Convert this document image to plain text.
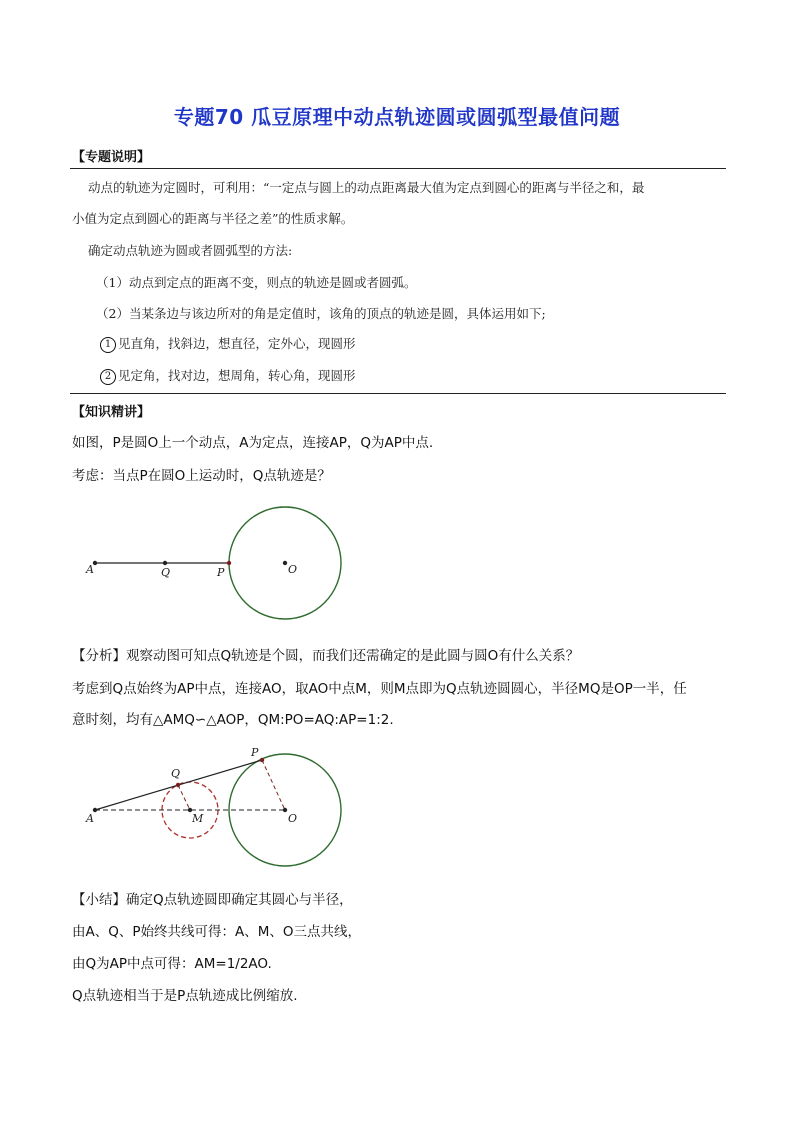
专题70 瓜豆原理中动点轨迹圆或圆弧型最值问题
【专题说明】
动点的轨迹为定圆时，可利用：“一定点与圆上的动点距离最大值为定点到圆心的距离与半径之和，最
小值为定点到圆心的距离与半径之差”的性质求解。
确定动点轨迹为圆或者圆弧型的方法:
（1）动点到定点的距离不变，则点的轨迹是圆或者圆弧。
（2）当某条边与该边所对的角是定值时，该角的顶点的轨迹是圆，具体运用如下;
1 见直角，找斜边，想直径，定外心，现圆形
2 见定角，找对边，想周角，转心角，现圆形
【知识精讲】
如图，P是圆O上一个动点，A为定点，连接AP，Q为AP中点.
考虑：当点P在圆O上运动时，Q点轨迹是？
A	Q	P	O
【分析】观察动图可知点Q轨迹是个圆，而我们还需确定的是此圆与圆O有什么关系？
考虑到Q点始终为AP中点，连接AO，取AO中点M，则M点即为Q点轨迹圆圆心，半径MQ是OP一半，任
意时刻，均有△AMQ∽△AOP，QM:PO=AQ:AP=1:2.
A
Q
P
M	O
【小结】确定Q点轨迹圆即确定其圆心与半径，
由A、Q、P始终共线可得：A、M、O三点共线，
由Q为AP中点可得：AM=1/2AO.
Q点轨迹相当于是P点轨迹成比例缩放.
